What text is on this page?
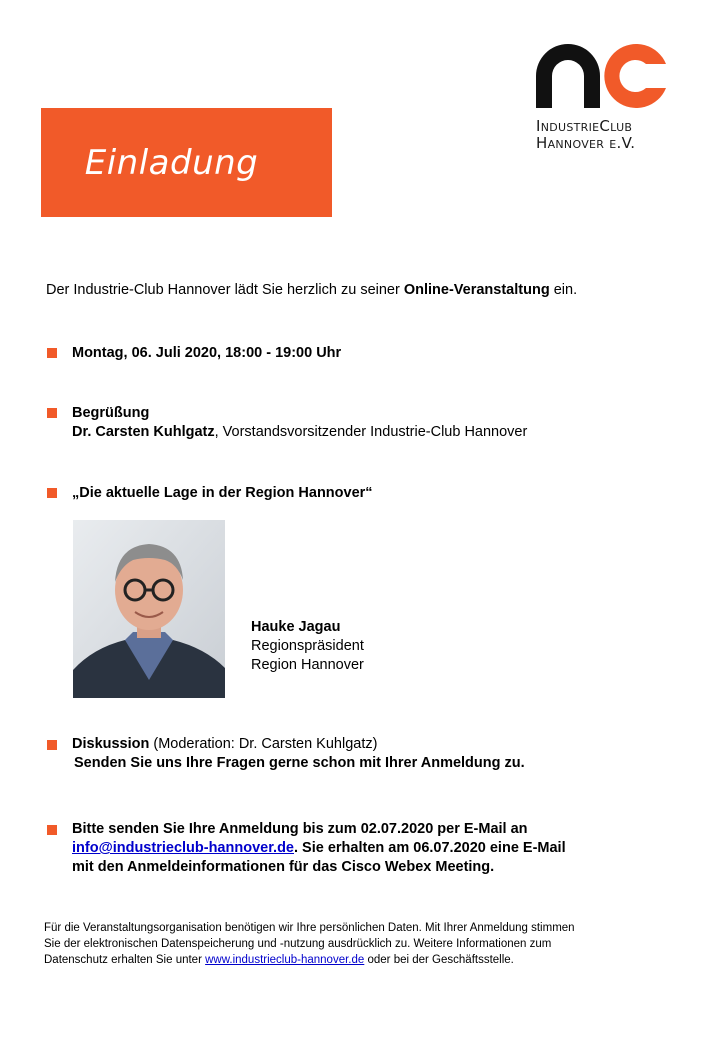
Einladung
IndustrieClub
Hannover e.V.
Der Industrie-Club Hannover lädt Sie herzlich zu seiner Online-Veranstaltung ein.
Montag, 06. Juli 2020, 18:00 - 19:00 Uhr
Begrüßung
Dr. Carsten Kuhlgatz, Vorstandsvorsitzender Industrie-Club Hannover
„Die aktuelle Lage in der Region Hannover“
Hauke Jagau
Regionspräsident
Region Hannover
Diskussion (Moderation: Dr. Carsten Kuhlgatz)
Senden Sie uns Ihre Fragen gerne schon mit Ihrer Anmeldung zu.
Bitte senden Sie Ihre Anmeldung bis zum 02.07.2020 per E-Mail an
info@industrieclub-hannover.de. Sie erhalten am 06.07.2020 eine E-Mail
mit den Anmeldeinformationen für das Cisco Webex Meeting.
Für die Veranstaltungsorganisation benötigen wir Ihre persönlichen Daten. Mit Ihrer Anmeldung stimmen
Sie der elektronischen Datenspeicherung und -nutzung ausdrücklich zu. Weitere Informationen zum
Datenschutz erhalten Sie unter www.industrieclub-hannover.de oder bei der Geschäftsstelle.
